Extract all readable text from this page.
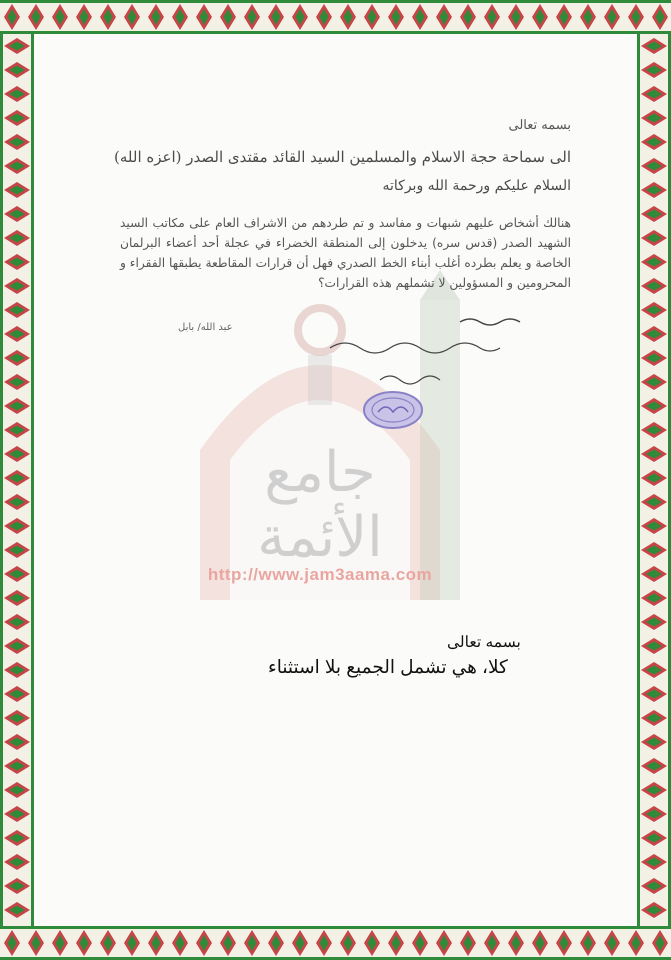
جامع الأئمة
http://www.jam3aama.com
بسمه تعالى
الى سماحة حجة الاسلام والمسلمين السيد القائد مقتدى الصدر (اعزه الله)
السلام عليكم ورحمة الله وبركاته
هنالك أشخاص عليهم شبهات و مفاسد و تم طردهم من الاشراف العام على مكاتب السيد الشهيد الصدر (قدس سره) يدخلون إلى المنطقة الخضراء في عجلة أحد أعضاء البرلمان الخاصة و يعلم بطرده أغلب أبناء الخط الصدري فهل أن قرارات المقاطعة يطبقها الفقراء و المحرومين و المسؤولين لا تشملهم هذه القرارات؟
عبد الله/ بابل
بسمه تعالى
كلا، هي تشمل الجميع بلا استثناء
